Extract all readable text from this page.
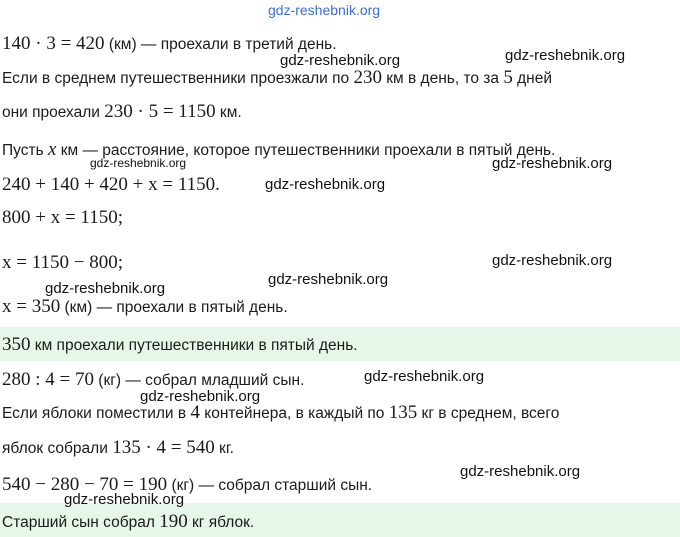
gdz-reshebnik.org
140 · 3 = 420 (км) — проехали в третий день.
Если в среднем путешественники проезжали по 230 км в день, то за 5 дней
они проехали 230 · 5 = 1150 км.
Пусть x км — расстояние, которое путешественники проехали в пятый день.
240 + 140 + 420 + x = 1150.
800 + x = 1150;
x = 1150 − 800;
x = 350 (км) — проехали в пятый день.
350 км проехали путешественники в пятый день.
280 : 4 = 70 (кг) — собрал младший сын.
Если яблоки поместили в 4 контейнера, в каждый по 135 кг в среднем, всего
яблок собрали 135 · 4 = 540 кг.
540 − 280 − 70 = 190 (кг) — собрал старший сын.
Старший сын собрал 190 кг яблок.
gdz-reshebnik.org	gdz-reshebnik.org
gdz-reshebnik.org	gdz-reshebnik.org
gdz-reshebnik.org
gdz-reshebnik.org
gdz-reshebnik.org
gdz-reshebnik.org
gdz-reshebnik.org
gdz-reshebnik.org
gdz-reshebnik.org
gdz-reshebnik.org
